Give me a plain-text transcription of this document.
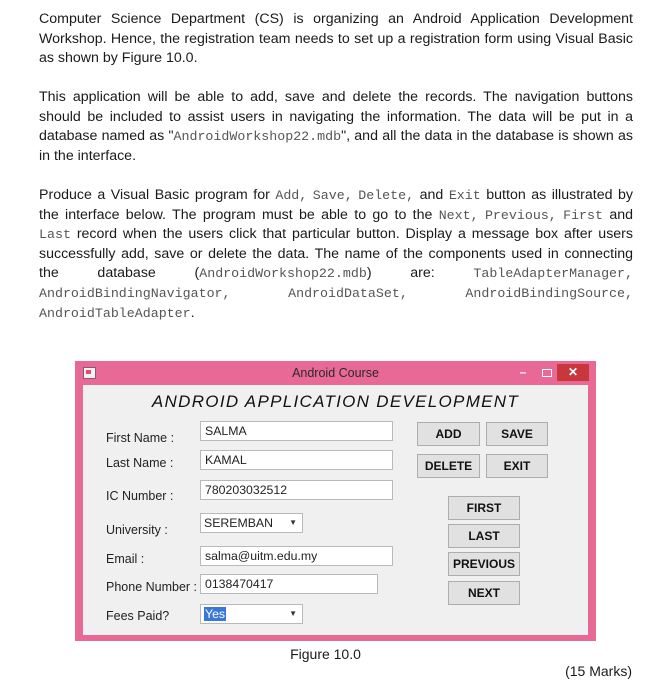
Computer Science Department (CS) is organizing an Android Application Development Workshop. Hence, the registration team needs to set up a registration form using Visual Basic as shown by Figure 10.0.

This application will be able to add, save and delete the records. The navigation buttons should be included to assist users in navigating the information. The data will be put in a database named as "AndroidWorkshop22.mdb", and all the data in the database is shown as in the interface.

Produce a Visual Basic program for Add, Save, Delete, and Exit button as illustrated by the interface below. The program must be able to go to the Next, Previous, First and Last record when the users click that particular button. Display a message box after users successfully add, save or delete the data. The name of the components used in connecting the database (AndroidWorkshop22.mdb) are: TableAdapterManager, AndroidBindingNavigator,	AndroidDataSet,	AndroidBindingSource, AndroidTableAdapter.

Android Course	–	✕
ANDROID APPLICATION DEVELOPMENT
First Name :	SALMA
Last Name :	KAMAL
IC Number :	780203032512
University :	SEREMBAN ▼
Email :	salma@uitm.edu.my
Phone Number : 0138470417
Fees Paid?	Yes	▼
ADD	SAVE
DELETE	EXIT
FIRST
LAST
PREVIOUS
NEXT
Figure 10.0
(15 Marks)
